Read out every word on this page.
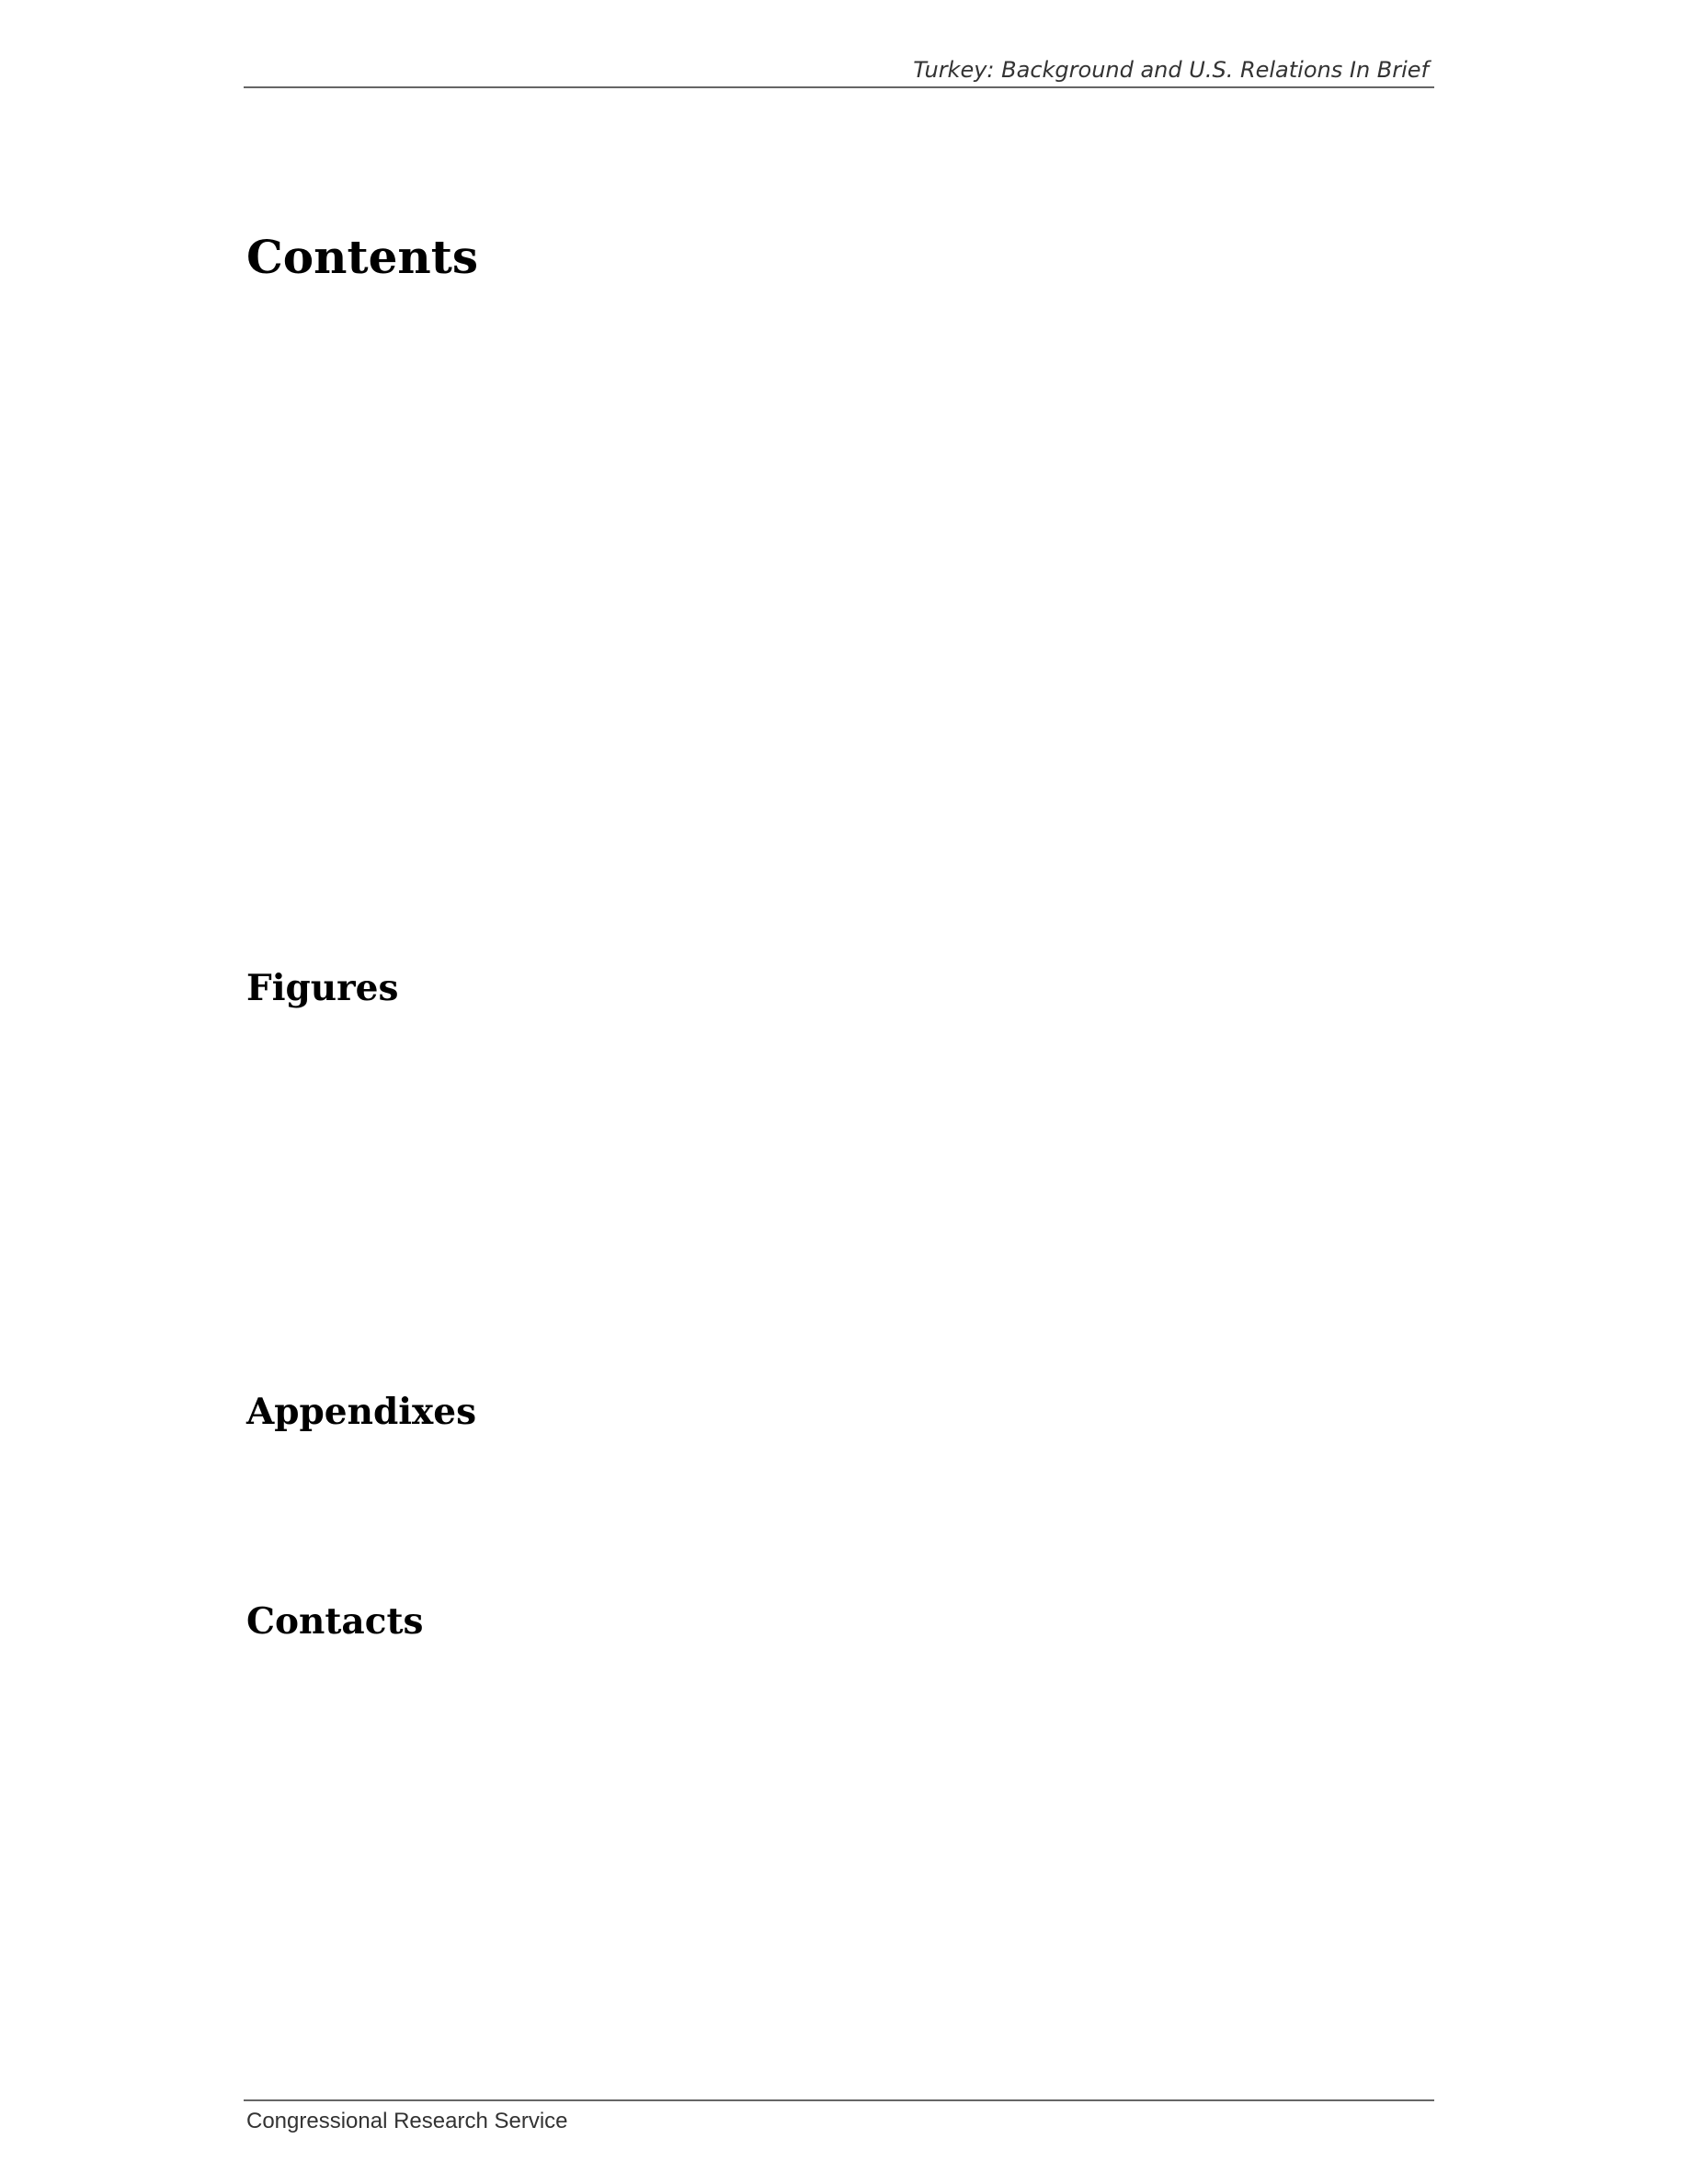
Turkey: Background and U.S. Relations In Brief
Contents
Figures
Appendixes
Contacts
Congressional Research Service
